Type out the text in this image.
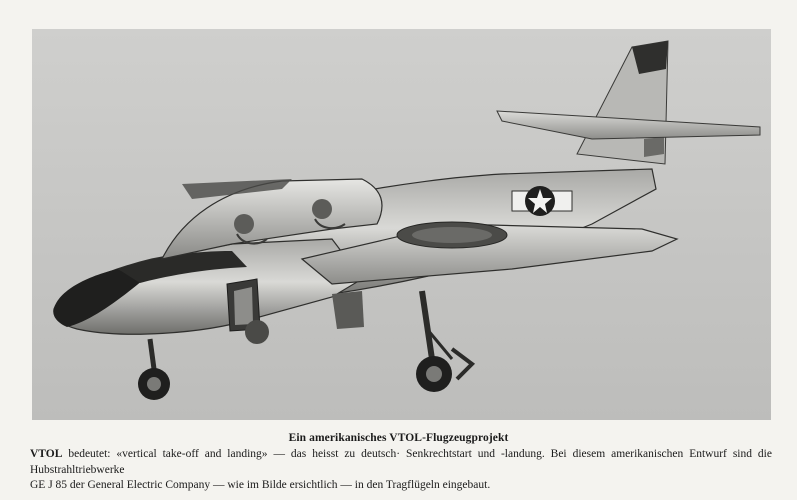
Ein amerikanisches VTOL-Flugzeugprojekt
VTOL bedeutet: «vertical take-off and landing» — das heisst zu deutsch· Senkrechtstart und -landung. Bei diesem amerikanischen Entwurf sind die Hubstrahltriebwerke
GE J 85 der General Electric Company — wie im Bilde ersichtlich — in den Tragflügeln eingebaut.
